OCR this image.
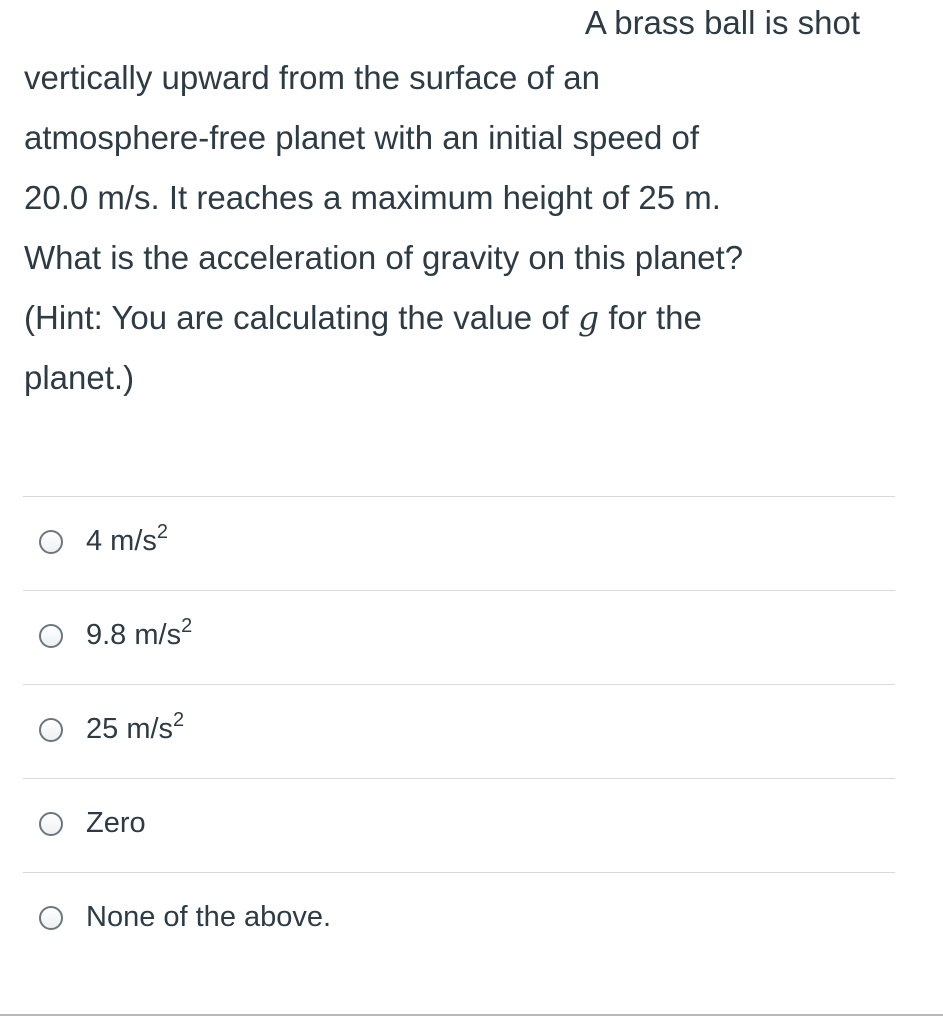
A brass ball is shot
vertically upward from the surface of an
atmosphere-free planet with an initial speed of
20.0 m/s. It reaches a maximum height of 25 m.
What is the acceleration of gravity on this planet?
(Hint: You are calculating the value of g for the
planet.)
4 $m/s^2$
9.8 $m/s^2$
25 $m/s^2$
Zero
None of the above.
